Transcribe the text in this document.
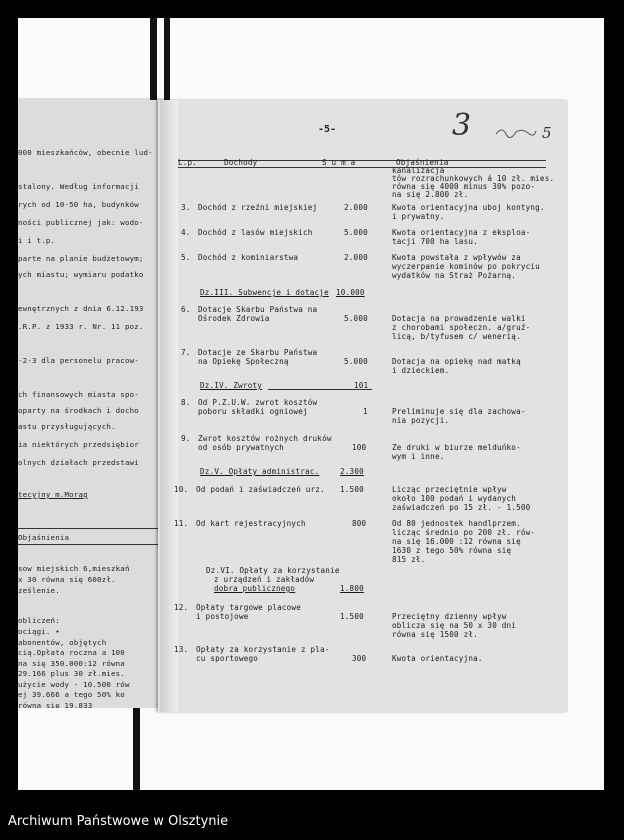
000 mieszkańców, obecnie lud-
stalony. Według informacji
rych od 10-50 ha, budynków
ności publicznej jak: wodo-
i i t.p.
parte na planie budżetowym;
ych miastu; wymiaru podatko
ewnętrznych z dnia 6.12.193
.R.P. z 1933 r. Nr. 11 poz.
-2-3 dla personelu pracow-
ch finansowych miasta spo-
oparty na środkach i docho
astu przysługujących.
ia niektórych przedsiębior
olnych działach przedstawi
tecyjny m.Morąg
Objaśnienia
sow miejskich 6,mieszkań
x 30 równa się 600zł.
ześlenie.
obliczeń:
ociągi. •
abonentów, objętych
cią.Opłata roczna a 100
na się 350.000:12 równa
29.166 plus 30 zł.mies.
użycie wody - 10.500 rów
ej 39.666 a tego 50% ko
równa się 19.833
-5-	3	5
L.p.	Dochody	S u m a	Objaśnienia
kanalizacja
tów rozrachunkowych á 10 zł. mies.
równa się 4000 minus 30% pozo-
na się 2.800 zł.
3. Dochód z rzeźni miejskiej	2.000	Kwota orientacyjna uboj kontyng.
i prywatny.
4. Dochód z lasów miejskich	5.000	Kwota orientacyjna z eksploa-
tacji 700 ha lasu.
5. Dochód z kominiarstwa	2.000	Kwota powstała z wpływów za
wyczerpanie kominów po pokryciu
wydatków na Straż Pożarną.
Dz.III. Subwencje i dotacje 10.000
6. Dotacje Skarbu Państwa na
Ośrodek Zdrowia	5.000	Dotacja na prowadzenie walki
z chorobami społeczn. a/gruź-
licą, b/tyfusem c/ wenerią.
7. Dotacje ze Skarbu Państwa
na Opiekę Społeczną	5.000	Dotacja na opiekę nad matką
i dzieckiem.
Dz.IV. Zwroty	101
8. Od P.Z.U.W. zwrot kosztów
poboru składki ogniowej	1	Preliminuje się dla zachowa-
nia pozycji.
9. Zwrot kosztów rożnych druków
od osób prywatnych	100	Ze druki w biurze melduńko-
wym i inne.
Dz.V. Opłaty administrac.	2.300
10. Od podań i zaświadczeń urz. 1.500	Licząc przeciętnie wpływ
około 100 podań i wydanych
zaświadczeń po 15 zł. - 1.500
11. Od kart rejestracyjnych	800	Od 80 jednostek handlprzem.
licząc średnio po 200 zł. rów-
na się 16.000 :12 równa się
1630 z tego 50% równa się
815 zł.
Dz.VI. Opłaty za korzystanie
z urządzeń i zakładów
dobra publicznego	1.800
12. Opłaty targowe placowe
i postojowe	1.500	Przeciętny dzienny wpływ
oblicza się na 50 x 30 dni
równa się 1500 zł.
13. Opłaty za korzystanie z pla-
cu sportowego	300	Kwota orientacyjna.
Archiwum Państwowe w Olsztynie
